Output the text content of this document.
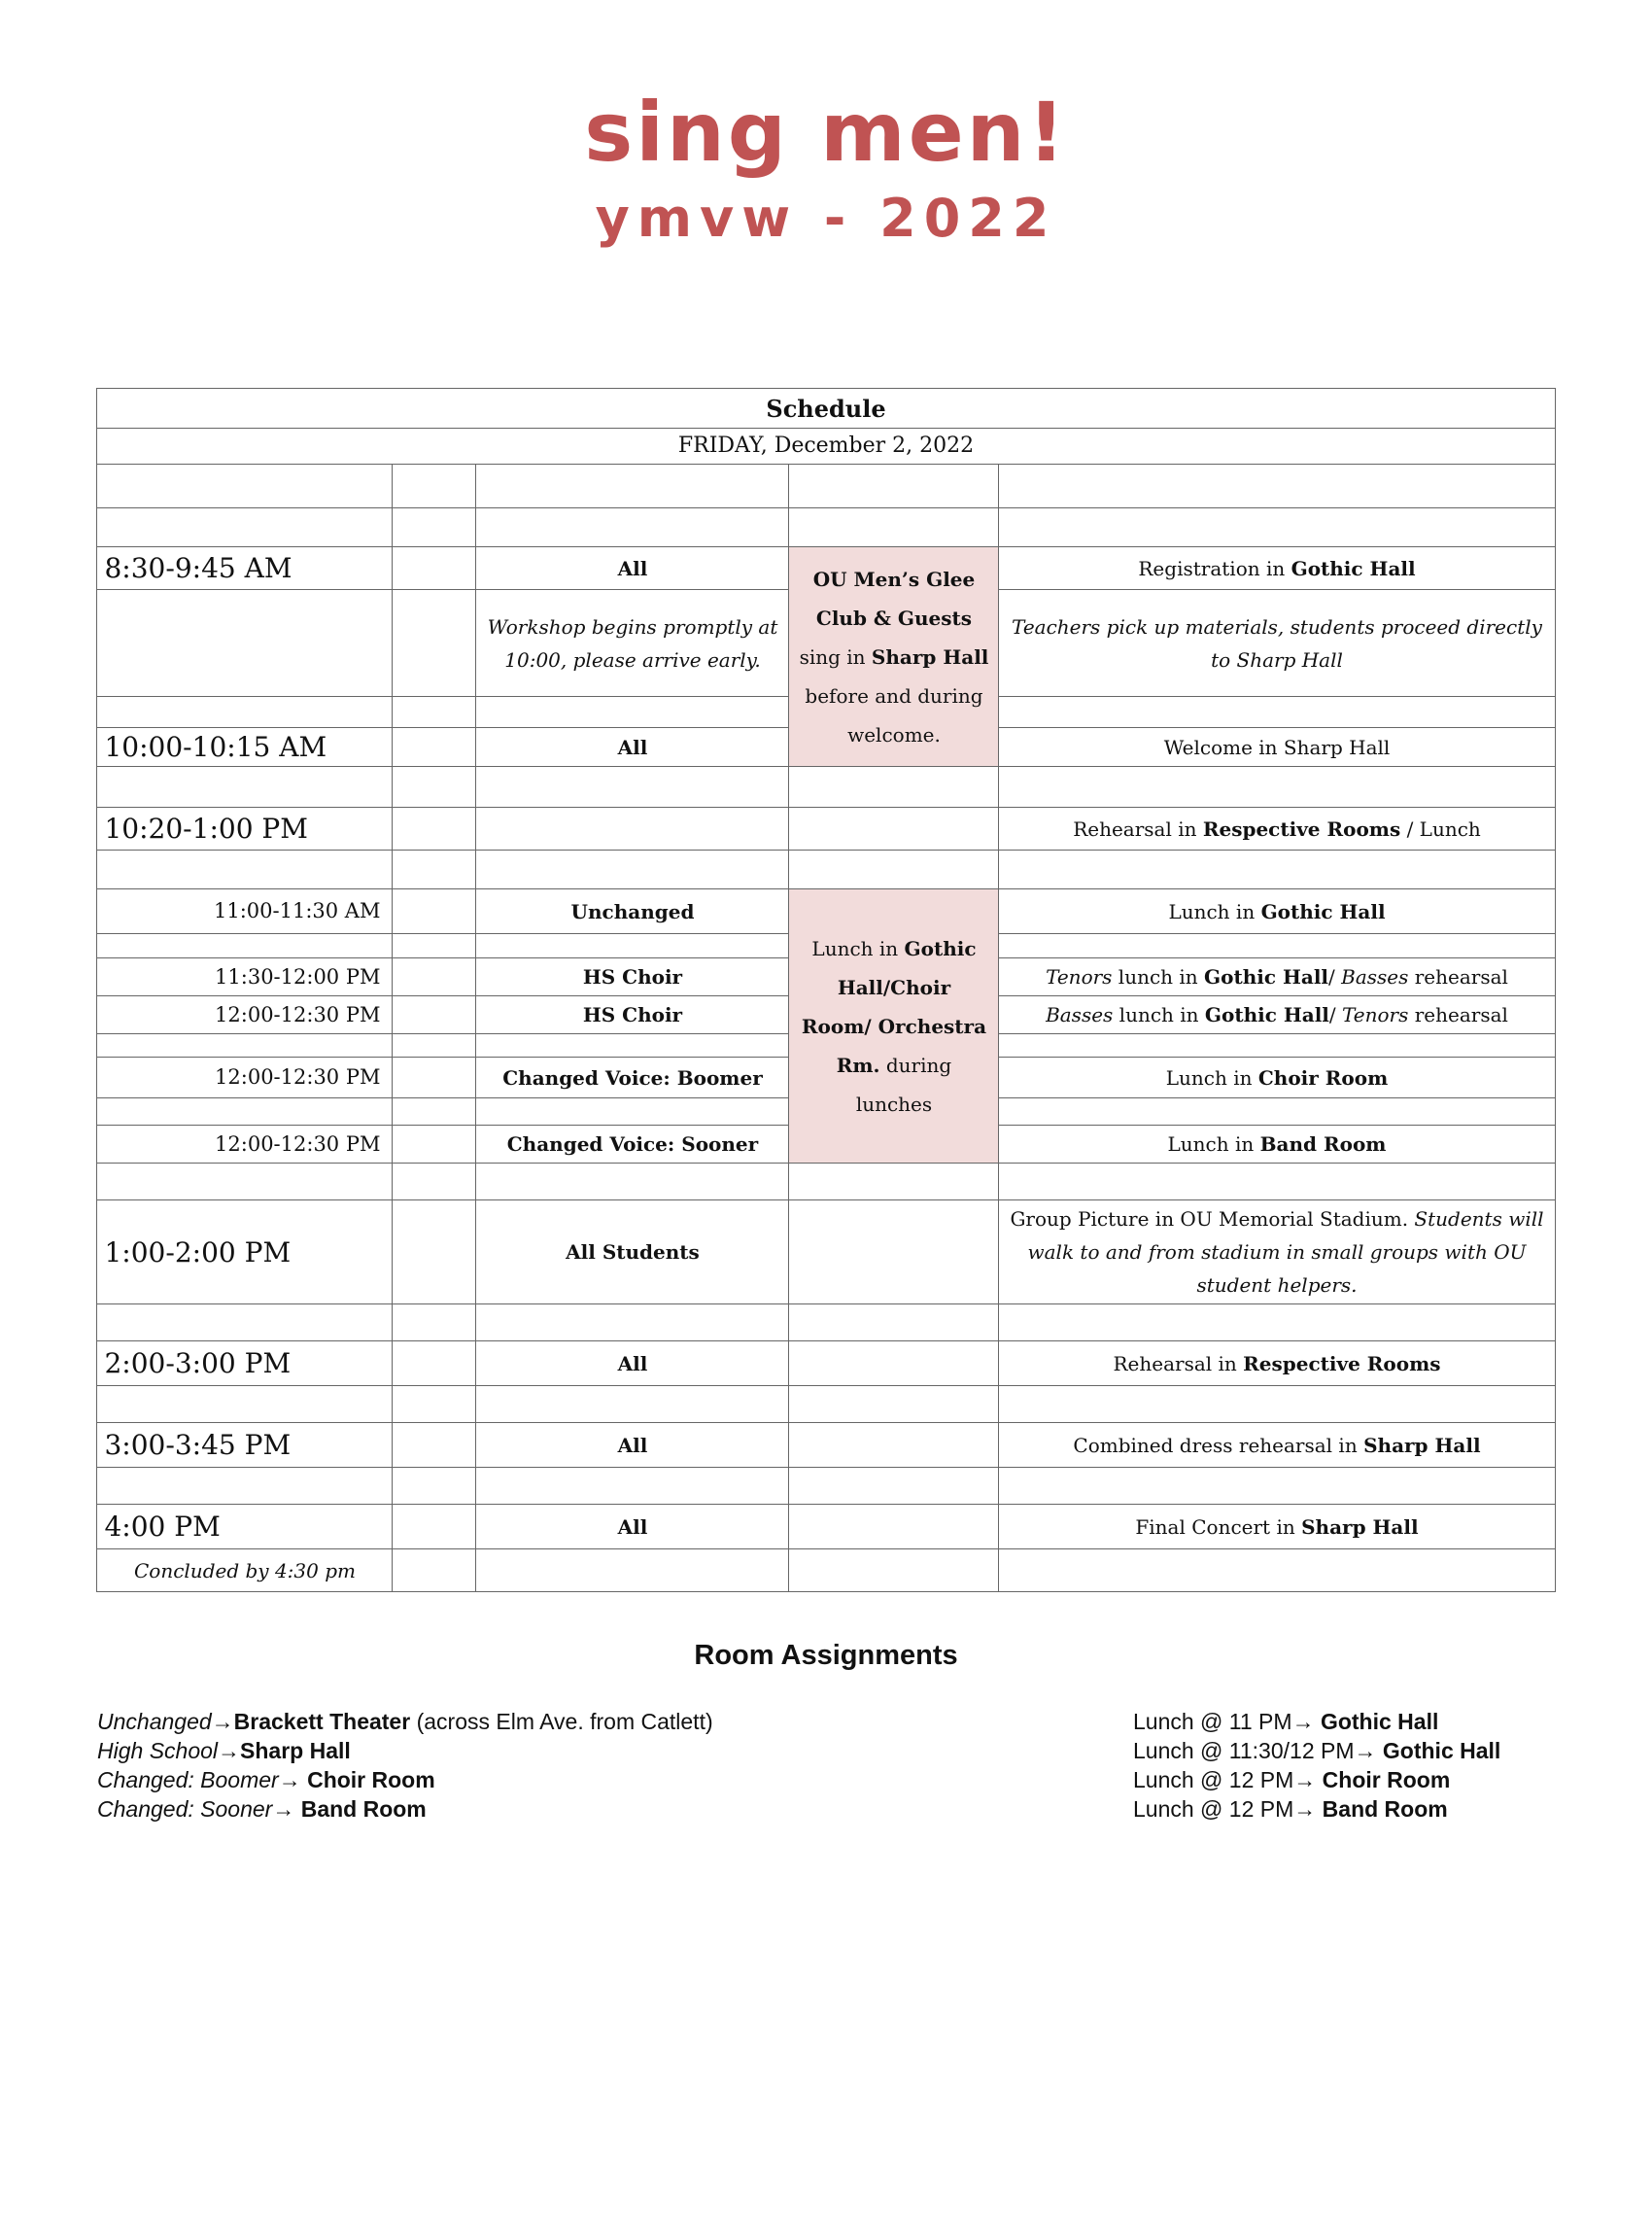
sing men!
ymvw - 2022
Schedule				
FRIDAY, December 2, 2022				

8:30-9:45 AM		All	OU Men’s Glee Club & Guests sing in Sharp Hall before and during welcome.	Registration in Gothic Hall
		Workshop begins promptly at 10:00, please arrive early.		Teachers pick up materials, students proceed directly to Sharp Hall

10:00-10:15 AM		All		Welcome in Sharp Hall

10:20-1:00 PM				Rehearsal in Respective Rooms / Lunch

11:00-11:30 AM		Unchanged	Lunch in Gothic Hall/Choir Room/ Orchestra Rm. during lunches	Lunch in Gothic Hall

11:30-12:00 PM		HS Choir		Tenors lunch in Gothic Hall/ Basses rehearsal
12:00-12:30 PM		HS Choir		Basses lunch in Gothic Hall/ Tenors rehearsal

12:00-12:30 PM		Changed Voice: Boomer		Lunch in Choir Room

12:00-12:30 PM		Changed Voice: Sooner		Lunch in Band Room

1:00-2:00 PM		All Students		Group Picture in OU Memorial Stadium. Students will walk to and from stadium in small groups with OU student helpers.

2:00-3:00 PM		All		Rehearsal in Respective Rooms

3:00-3:45 PM		All		Combined dress rehearsal in Sharp Hall

4:00 PM		All		Final Concert in Sharp Hall
Concluded by 4:30 pm				
Room Assignments
Unchanged→Brackett Theater (across Elm Ave. from Catlett)
High School→Sharp Hall
Changed: Boomer→ Choir Room
Changed: Sooner→ Band Room
Lunch @ 11 PM→ Gothic Hall
Lunch @ 11:30/12 PM→ Gothic Hall
Lunch @ 12 PM→ Choir Room
Lunch @ 12 PM→ Band Room
